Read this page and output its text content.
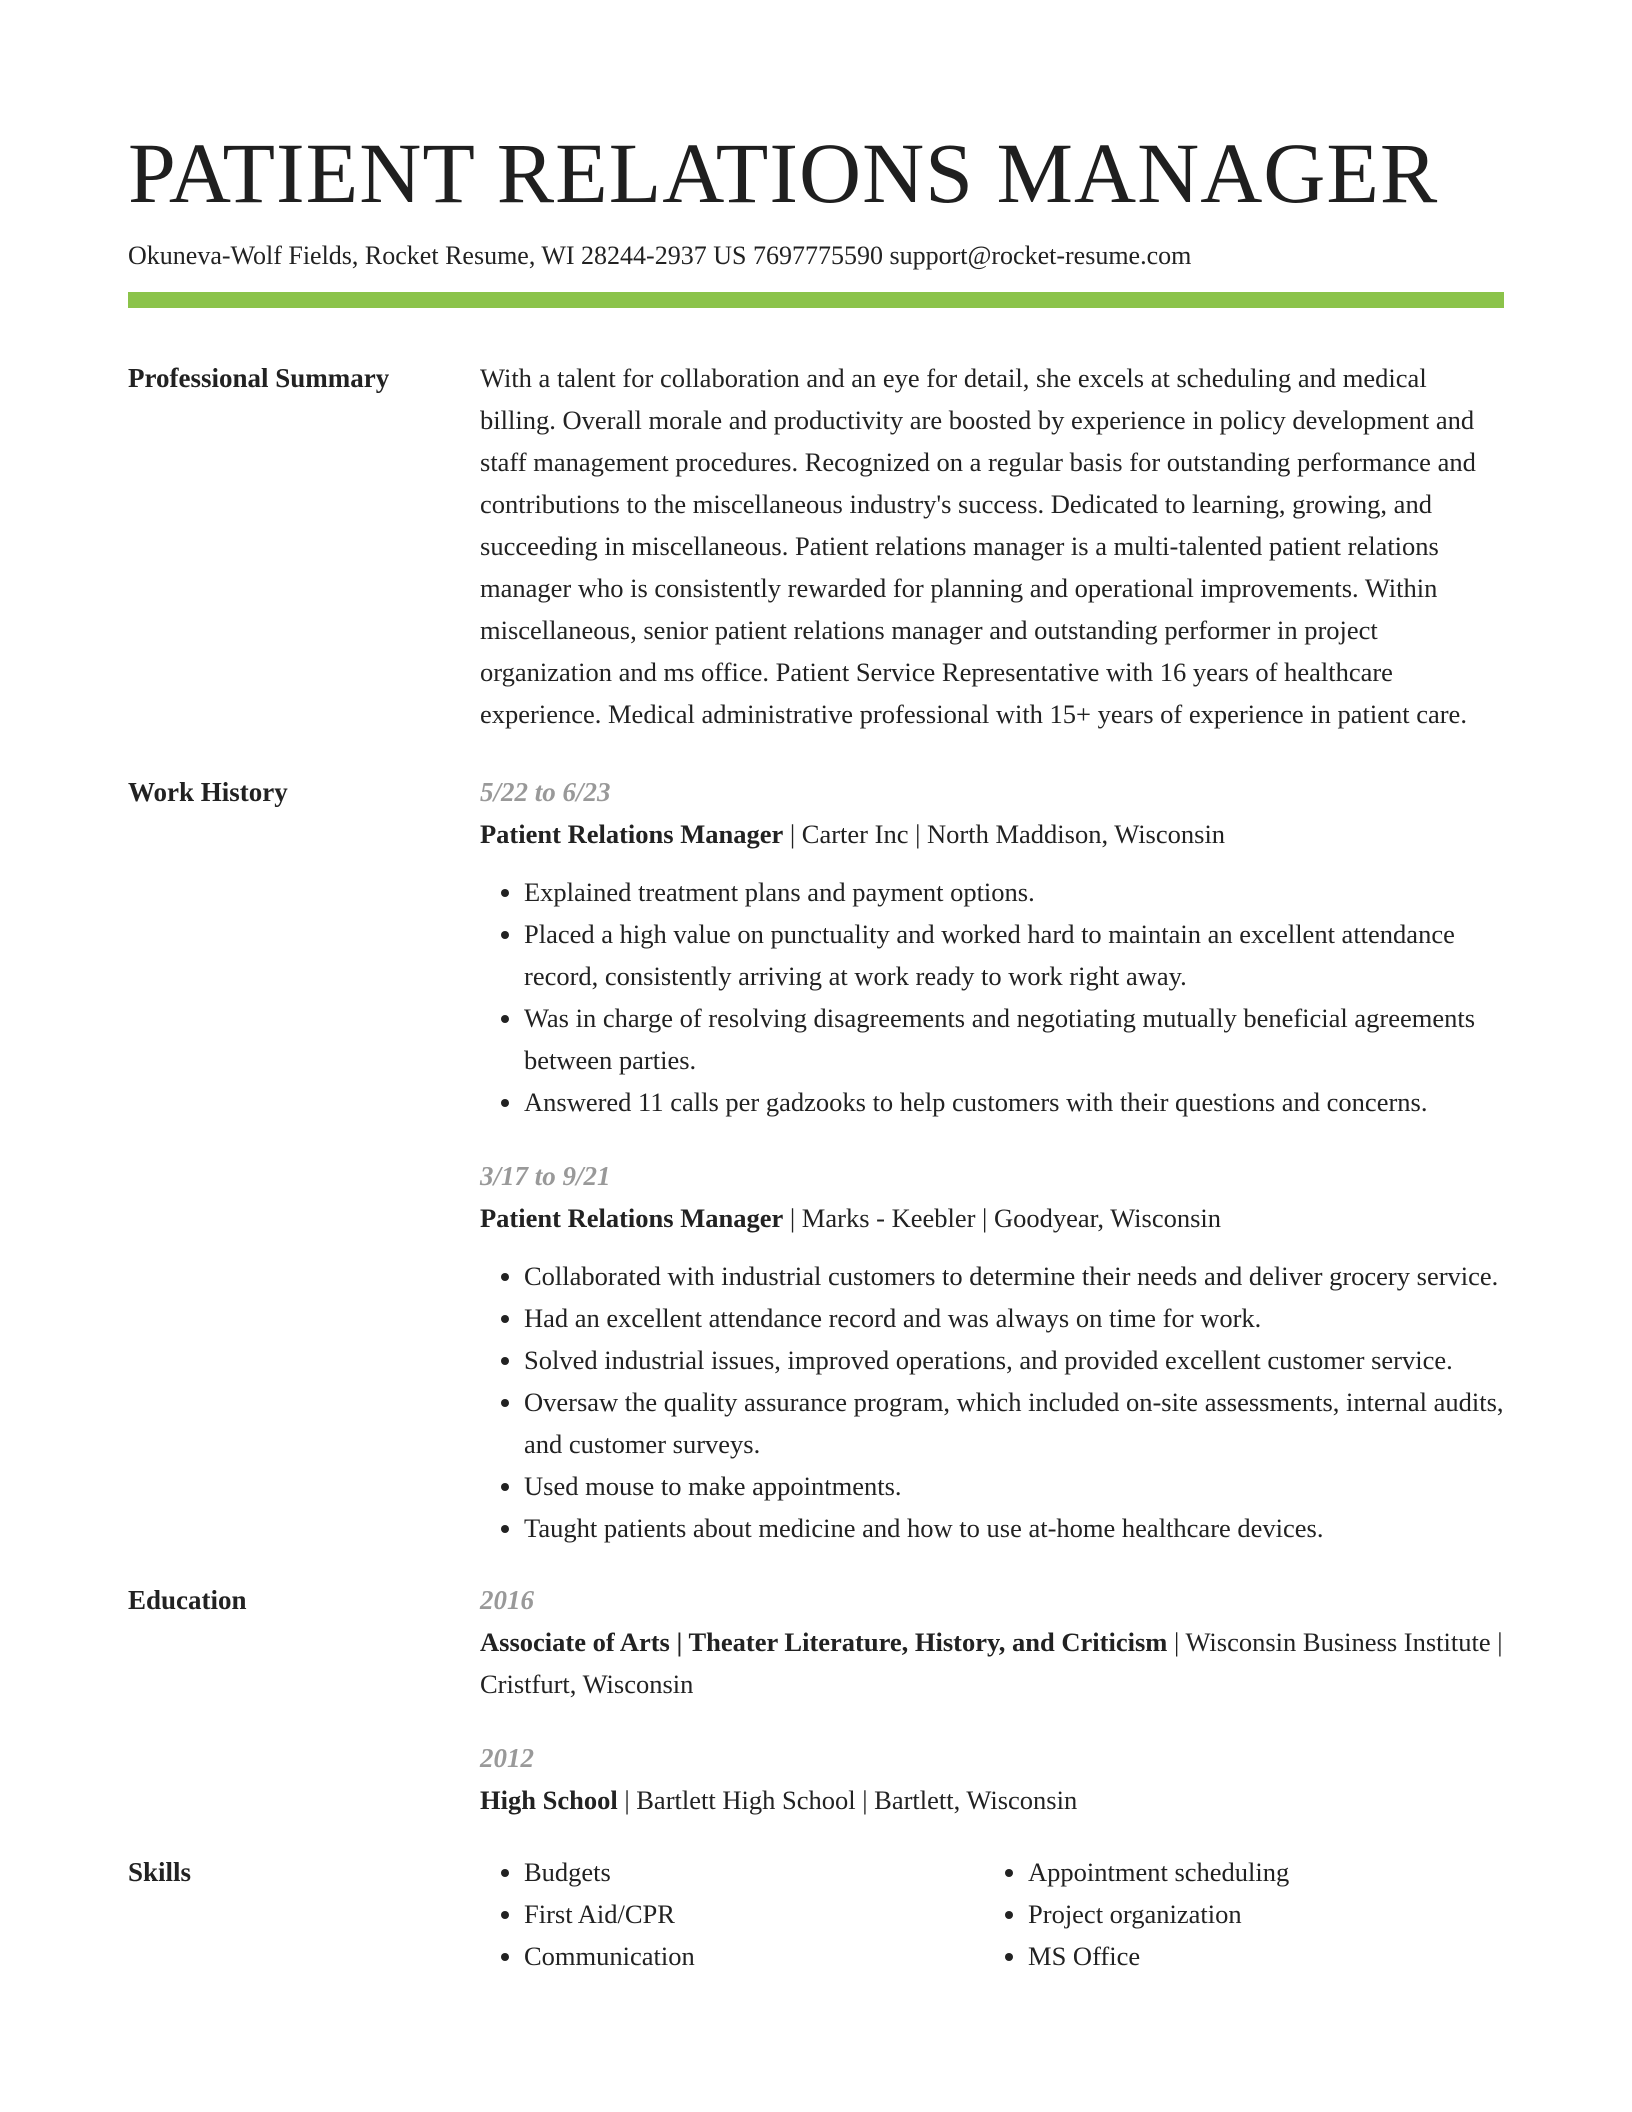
PATIENT RELATIONS MANAGER
Okuneva-Wolf Fields, Rocket Resume, WI 28244-2937 US 7697775590 support@rocket-resume.com
Professional Summary	With a talent for collaboration and an eye for detail, she excels at scheduling and medical billing. Overall morale and productivity are boosted by experience in policy development and staff management procedures. Recognized on a regular basis for outstanding performance and contributions to the miscellaneous industry's success. Dedicated to learning, growing, and succeeding in miscellaneous. Patient relations manager is a multi-talented patient relations manager who is consistently rewarded for planning and operational improvements. Within miscellaneous, senior patient relations manager and outstanding performer in project organization and ms office. Patient Service Representative with 16 years of healthcare experience. Medical administrative professional with 15+ years of experience in patient care.

Work History	5/22 to 6/23

Patient Relations Manager | Carter Inc | North Maddison, Wisconsin

• Explained treatment plans and payment options.
• Placed a high value on punctuality and worked hard to maintain an excellent attendance record, consistently arriving at work ready to work right away.
• Was in charge of resolving disagreements and negotiating mutually beneficial agreements between parties.
• Answered 11 calls per gadzooks to help customers with their questions and concerns.
3/17 to 9/21

Patient Relations Manager | Marks - Keebler | Goodyear, Wisconsin

• Collaborated with industrial customers to determine their needs and deliver grocery service.
• Had an excellent attendance record and was always on time for work.
• Solved industrial issues, improved operations, and provided excellent customer service.
• Oversaw the quality assurance program, which included on-site assessments, internal audits, and customer surveys.
• Used mouse to make appointments.
• Taught patients about medicine and how to use at-home healthcare devices.
Education	2016

Associate of Arts | Theater Literature, History, and Criticism | Wisconsin Business Institute | Cristfurt, Wisconsin

2012

High School | Bartlett High School | Bartlett, Wisconsin

Skills
•	Budgets
• First Aid/CPR
• Communication
• Appointment scheduling
• Project organization
• MS Office
